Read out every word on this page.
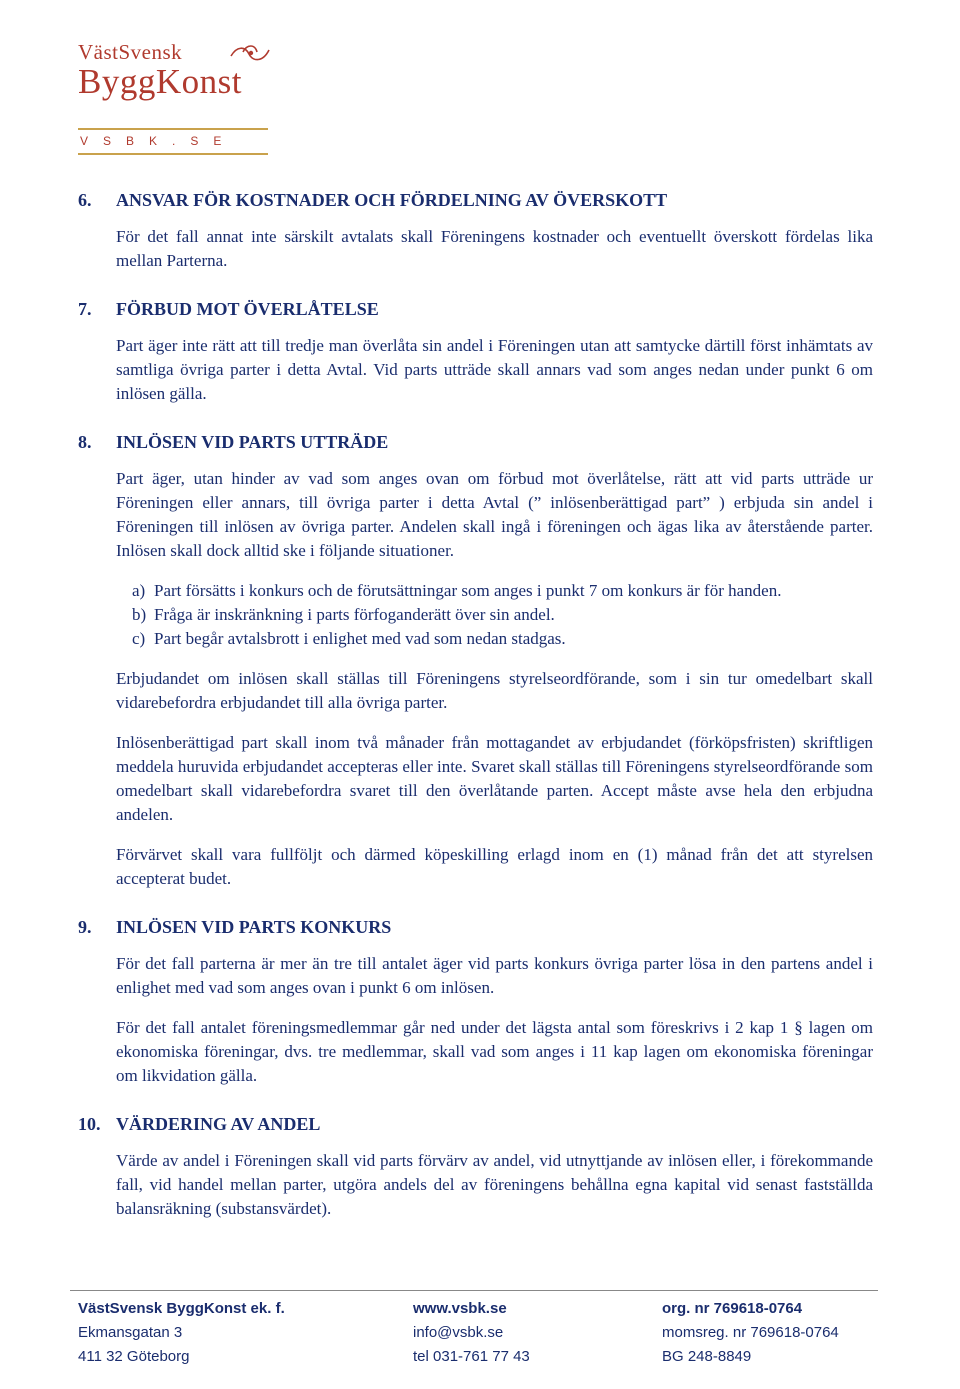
VästSvensk
ByggKonst
VSBK.SE
6. ANSVAR FÖR KOSTNADER OCH FÖRDELNING AV ÖVERSKOTT

För det fall annat inte särskilt avtalats skall Föreningens kostnader och eventuellt överskott fördelas lika mellan Parterna.

7. FÖRBUD MOT ÖVERLÅTELSE

Part äger inte rätt att till tredje man överlåta sin andel i Föreningen utan att samtycke därtill först inhämtats av samtliga övriga parter i detta Avtal. Vid parts utträde skall annars vad som anges nedan under punkt 6 om inlösen gälla.

8. INLÖSEN VID PARTS UTTRÄDE

Part äger, utan hinder av vad som anges ovan om förbud mot överlåtelse, rätt att vid parts utträde ur Föreningen eller annars, till övriga parter i detta Avtal (” inlösenberättigad part” ) erbjuda sin andel i Föreningen till inlösen av övriga parter. Andelen skall ingå i föreningen och ägas lika av återstående parter. Inlösen skall dock alltid ske i följande situationer.

a) Part försätts i konkurs och de förutsättningar som anges i punkt 7 om konkurs är för handen.
b) Fråga är inskränkning i parts förfoganderätt över sin andel.
c) Part begår avtalsbrott i enlighet med vad som nedan stadgas.

Erbjudandet om inlösen skall ställas till Föreningens styrelseordförande, som i sin tur omedelbart skall vidarebefordra erbjudandet till alla övriga parter.

Inlösenberättigad part skall inom två månader från mottagandet av erbjudandet (förköpsfristen) skriftligen meddela huruvida erbjudandet accepteras eller inte. Svaret skall ställas till Föreningens styrelseordförande som omedelbart skall vidarebefordra svaret till den överlåtande parten. Accept måste avse hela den erbjudna andelen.

Förvärvet skall vara fullföljt och därmed köpeskilling erlagd inom en (1) månad från det att styrelsen accepterat budet.

9. INLÖSEN VID PARTS KONKURS

För det fall parterna är mer än tre till antalet äger vid parts konkurs övriga parter lösa in den partens andel i enlighet med vad som anges ovan i punkt 6 om inlösen.

För det fall antalet föreningsmedlemmar går ned under det lägsta antal som föreskrivs i 2 kap 1 § lagen om ekonomiska föreningar, dvs. tre medlemmar, skall vad som anges i 11 kap lagen om ekonomiska föreningar om likvidation gälla.

10. VÄRDERING AV ANDEL

Värde av andel i Föreningen skall vid parts förvärv av andel, vid utnyttjande av inlösen eller, i förekommande fall, vid handel mellan parter, utgöra andels del av föreningens behållna egna kapital vid senast fastställda balansräkning (substansvärdet).

VästSvensk ByggKonst ek. f.
Ekmansgatan 3
411 32 Göteborg
www.vsbk.se
info@vsbk.se
tel 031-761 77 43
org. nr 769618-0764
momsreg. nr 769618-0764
BG 248-8849
